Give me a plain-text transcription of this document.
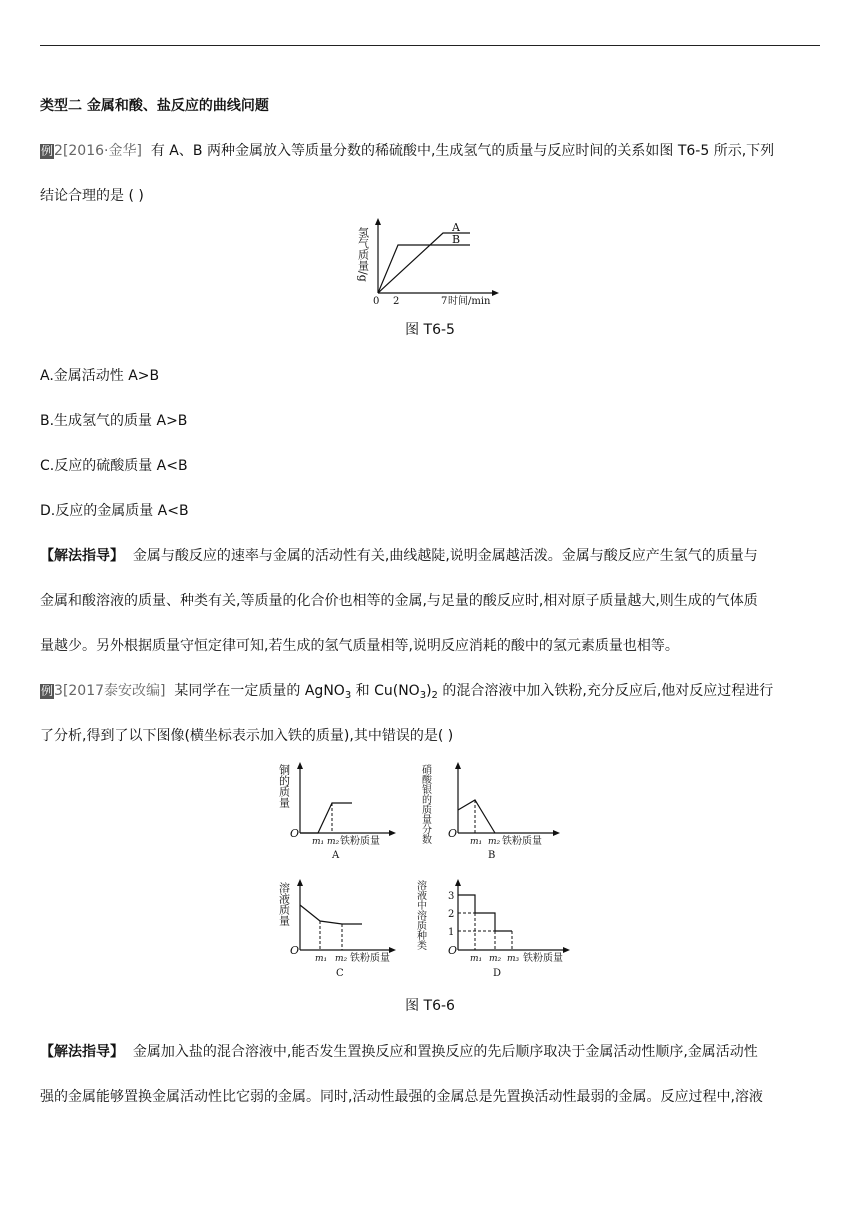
类型二 金属和酸、盐反应的曲线问题
例2[2016·金华] 有 A、B 两种金属放入等质量分数的稀硫酸中,生成氢气的质量与反应时间的关系如图 T6-5 所示,下列
结论合理的是 ( )
氢气质量/g	A
B
0 2	7 时间/min
图 T6-5
A.金属活动性 A>B
B.生成氢气的质量 A>B
C.反应的硫酸质量 A<B
D.反应的金属质量 A<B
【解法指导】 金属与酸反应的速率与金属的活动性有关,曲线越陡,说明金属越活泼。金属与酸反应产生氢气的质量与
金属和酸溶液的质量、种类有关,等质量的化合价也相等的金属,与足量的酸反应时,相对原子质量越大,则生成的气体质
量越少。另外根据质量守恒定律可知,若生成的氢气质量相等,说明反应消耗的酸中的氢元素质量也相等。
例3[2017泰安改编] 某同学在一定质量的 AgNO$_3$ 和 $Cu(NO_3)_2$ 的混合溶液中加入铁粉,充分反应后,他对反应过程进行
了分析,得到了以下图像(横坐标表示加入铁的质量),其中错误的是( )
铜的质量
O
m₁ m₂ 铁粉质量
A
硝酸银的质量分数 O
m₁ m₂ 铁粉质量
B
溶液质量
O
m₁ m₂ 铁粉质量
C
溶液中溶质种类 3
2
1
O
m₁ m₂ m₃ 铁粉质量
D
图 T6-6
【解法指导】 金属加入盐的混合溶液中,能否发生置换反应和置换反应的先后顺序取决于金属活动性顺序,金属活动性
强的金属能够置换金属活动性比它弱的金属。同时,活动性最强的金属总是先置换活动性最弱的金属。反应过程中,溶液
